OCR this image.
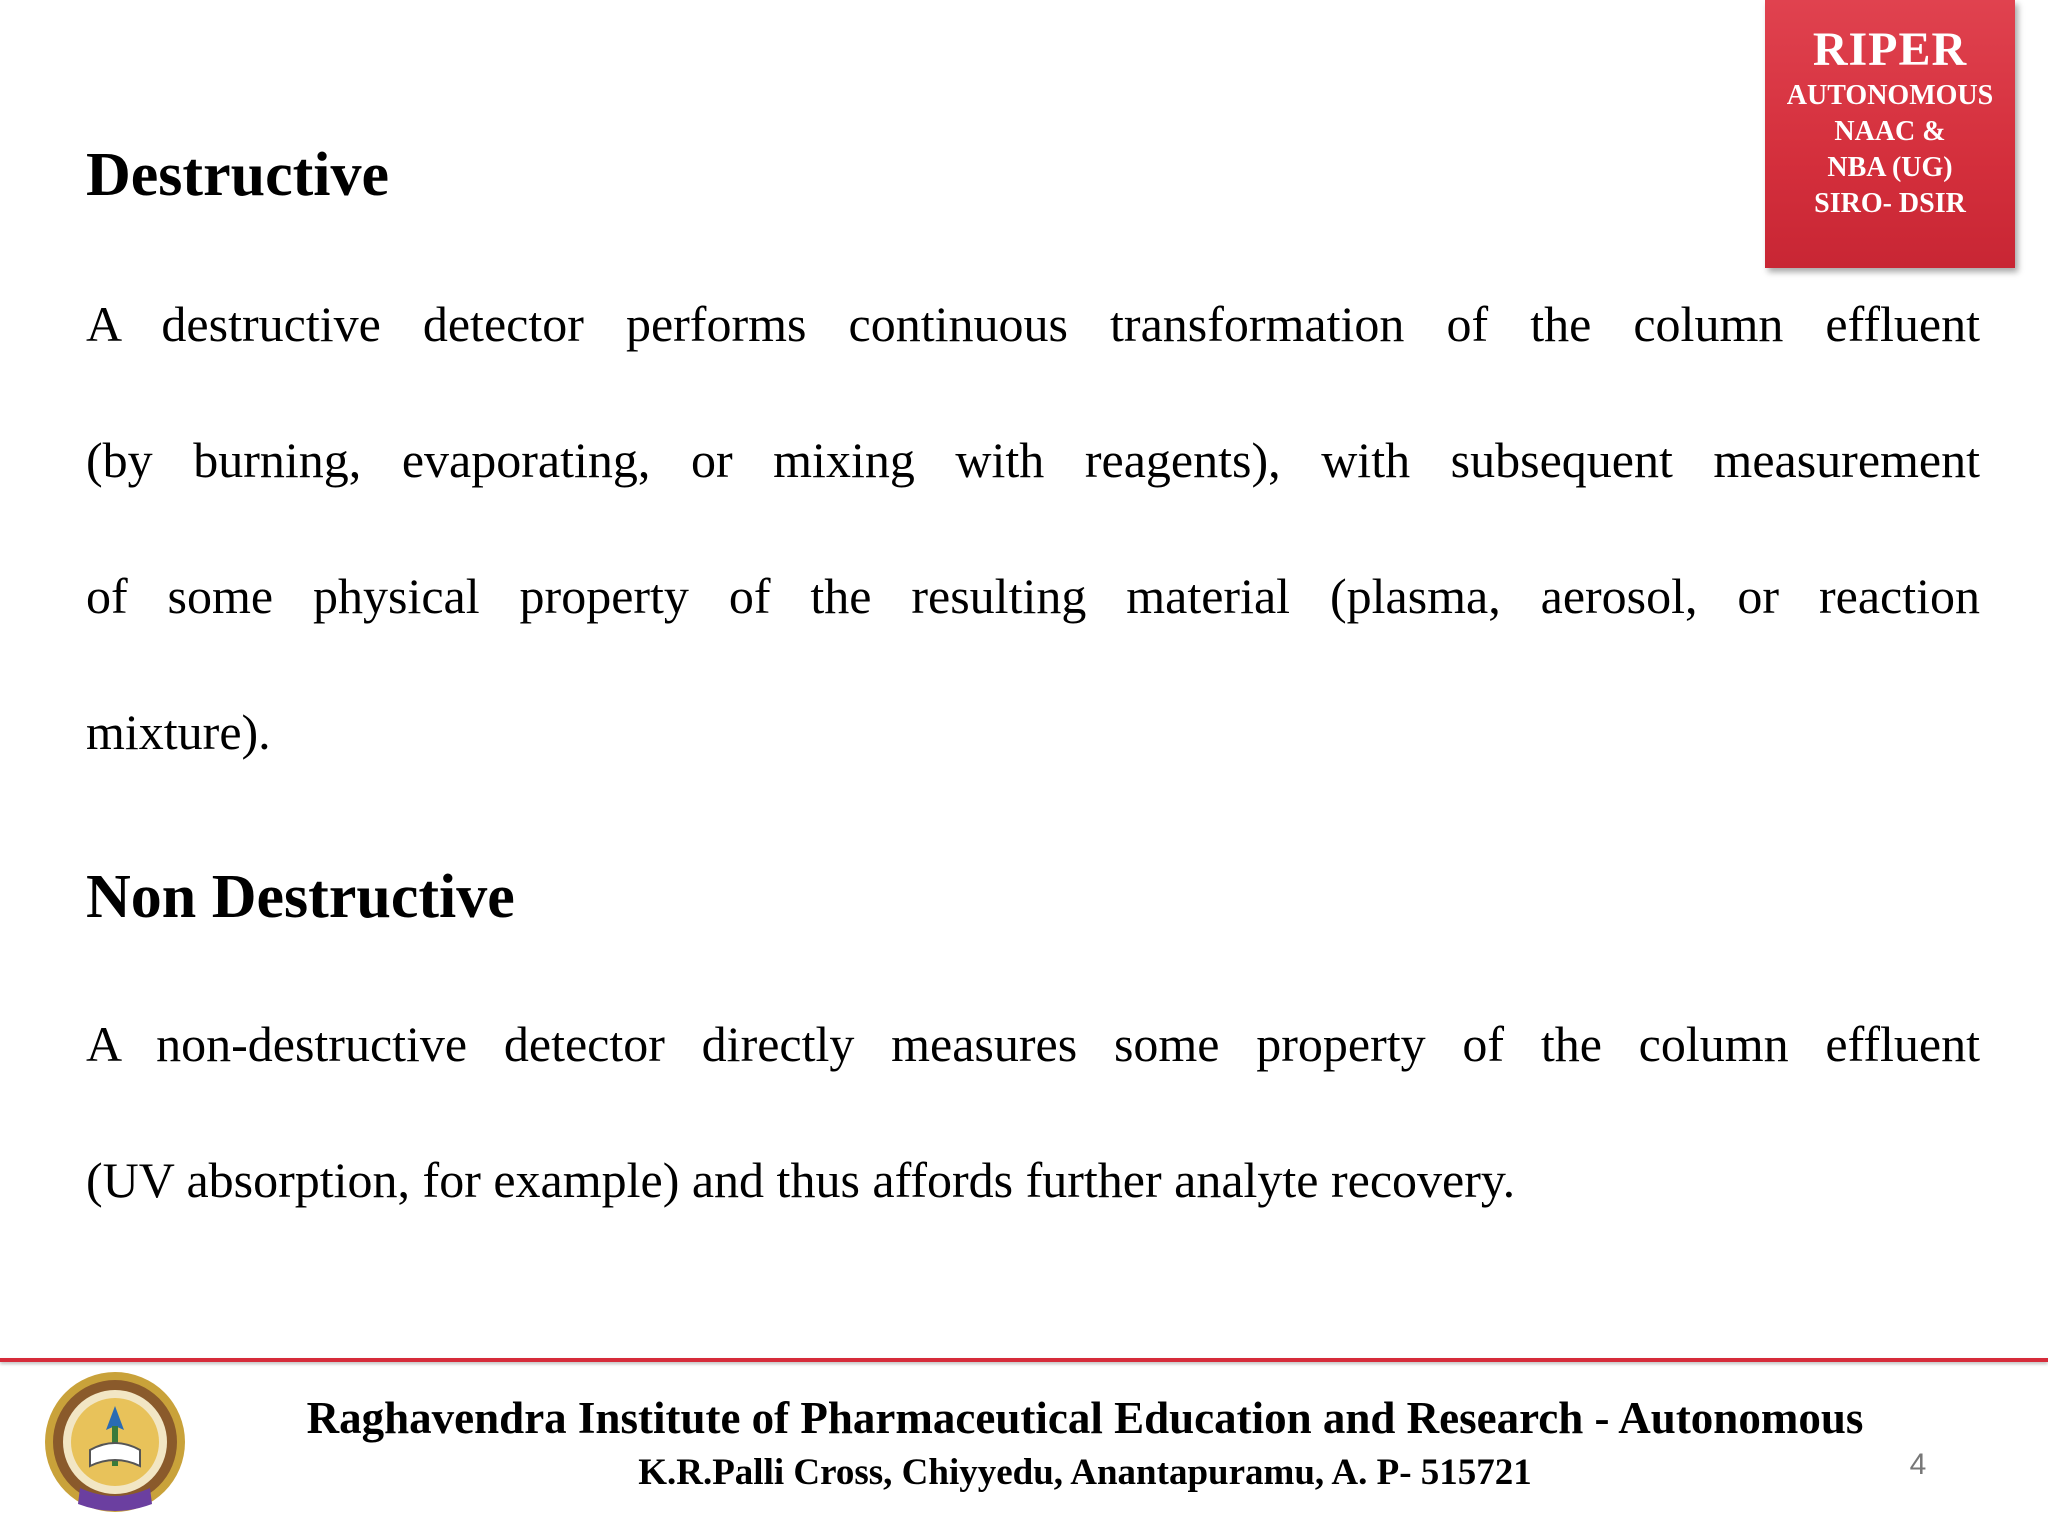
RIPER
AUTONOMOUS
NAAC &
NBA (UG)
SIRO- DSIR
Destructive
A destructive detector performs continuous transformation of the column effluent
(by burning, evaporating, or mixing with reagents), with subsequent measurement
of some physical property of the resulting material (plasma, aerosol, or reaction
mixture).
Non Destructive
A non-destructive detector directly measures some property of the column effluent
(UV absorption, for example) and thus affords further analyte recovery.
Raghavendra Institute of Pharmaceutical Education and Research - Autonomous
K.R.Palli Cross, Chiyyedu, Anantapuramu, A. P- 515721	4
